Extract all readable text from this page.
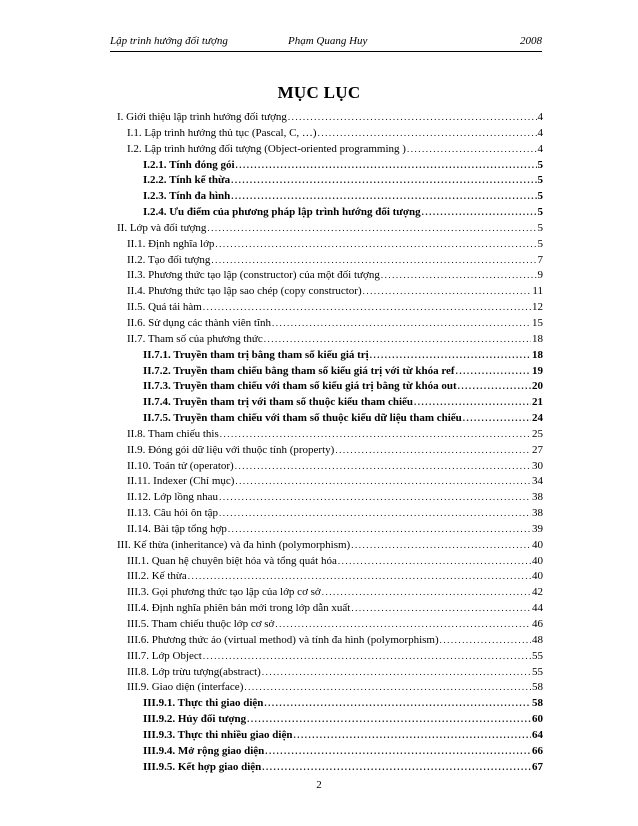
Lập trình hướng đối tượng	Phạm Quang Huy	2008
MỤC LỤC
I. Giới thiệu lập trình hướng đối tượng .....	4
I.1. Lập trình hướng thủ tục (Pascal, C, …) .....	4
I.2. Lập trình hướng đối tượng (Object-oriented programming ) .....	4
I.2.1. Tính đóng gói .....	5
I.2.2. Tính kế thừa .....	5
I.2.3. Tính đa hình .....	5
I.2.4. Ưu điểm của phương pháp lập trình hướng đối tượng .....	5
II. Lớp và đối tượng .....	5
II.1. Định nghĩa lớp .....	5
II.2. Tạo đối tượng .....	7
II.3. Phương thức tạo lập (constructor) của một đối tượng .....	9
II.4. Phương thức tạo lập sao chép (copy constructor) .....	11
II.5. Quá tải hàm .....	12
II.6. Sử dụng các thành viên tĩnh .....	15
II.7. Tham số của phương thức .....	18
II.7.1. Truyền tham trị bằng tham số kiểu giá trị .....	18
II.7.2. Truyền tham chiếu bằng tham số kiểu giá trị với từ khóa ref .....	19
II.7.3. Truyền tham chiếu với tham số kiểu giá trị bằng từ khóa out .....	20
II.7.4. Truyền tham trị với tham số thuộc kiểu tham chiếu .....	21
II.7.5. Truyền tham chiếu với tham số thuộc kiểu dữ liệu tham chiếu .....	24
II.8. Tham chiếu this .....	25
II.9. Đóng gói dữ liệu với thuộc tính (property) .....	27
II.10. Toán tử (operator) .....	30
II.11. Indexer (Chỉ mục) .....	34
II.12. Lớp lồng nhau .....	38
II.13. Câu hỏi ôn tập .....	38
II.14. Bài tập tổng hợp .....	39
III. Kế thừa (inheritance) và đa hình (polymorphism) .....	40
III.1. Quan hệ chuyên biệt hóa và tổng quát hóa .....	40
III.2. Kế thừa .....	40
III.3. Gọi phương thức tạo lập của lớp cơ sở .....	42
III.4. Định nghĩa phiên bản mới trong lớp dẫn xuất .....	44
III.5. Tham chiếu thuộc lớp cơ sở .....	46
III.6. Phương thức ảo (virtual method) và tính đa hình (polymorphism) .....	48
III.7. Lớp Object .....	55
III.8. Lớp trừu tượng(abstract) .....	55
III.9. Giao diện (interface) .....	58
III.9.1. Thực thi giao diện .....	58
III.9.2. Hủy đối tượng .....	60
III.9.3. Thực thi nhiều giao diện .....	64
III.9.4. Mở rộng giao diện .....	66
III.9.5. Kết hợp giao diện .....	67
2
